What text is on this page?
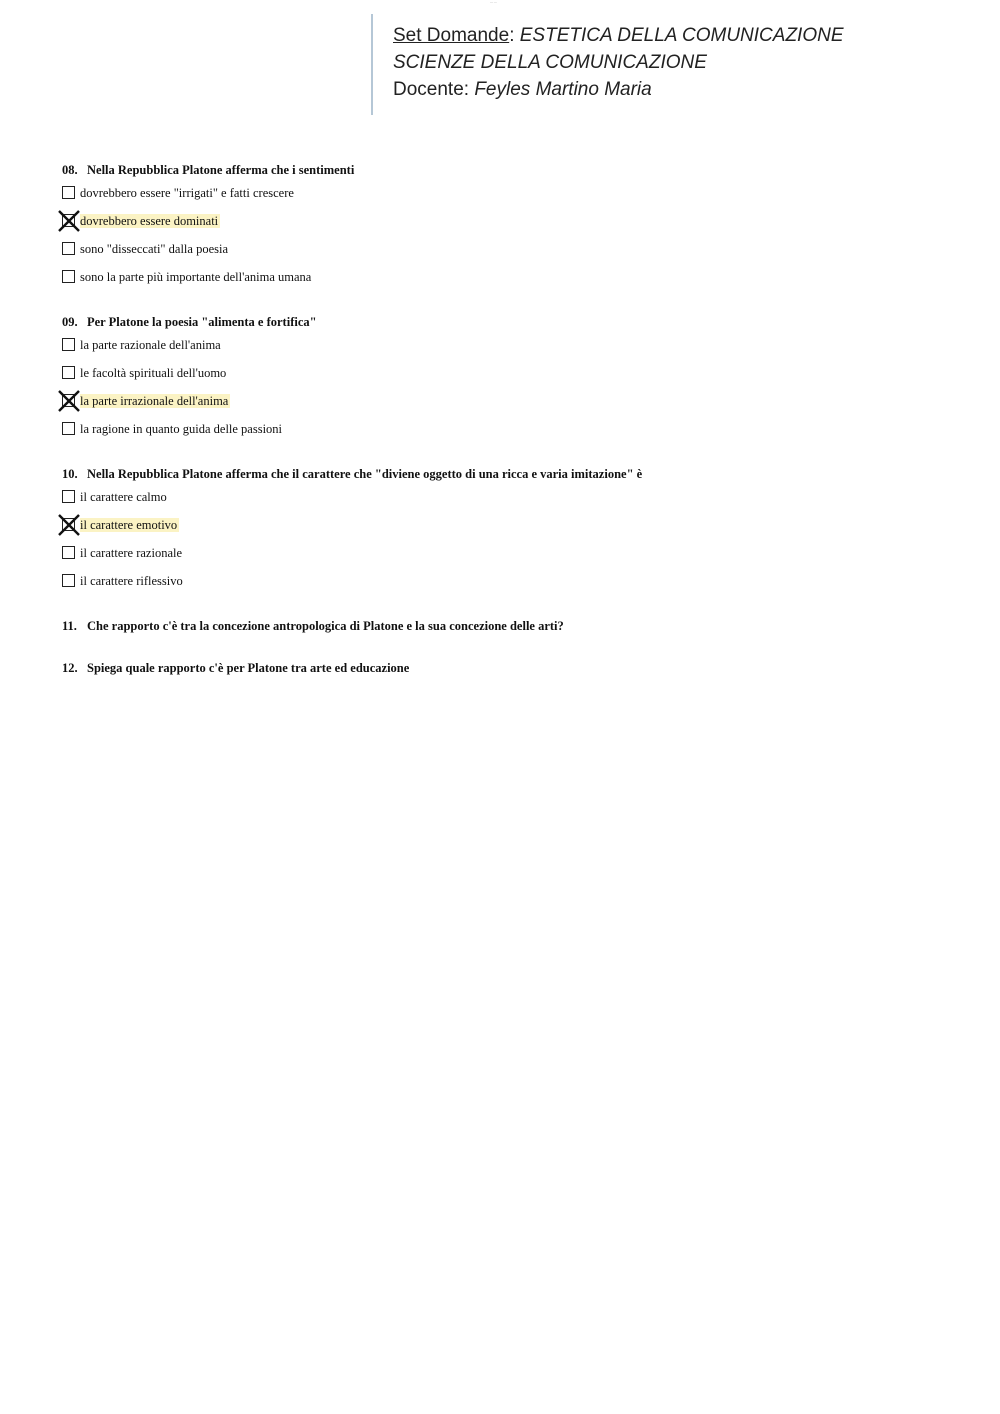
— —
Set Domande: ESTETICA DELLA COMUNICAZIONE
SCIENZE DELLA COMUNICAZIONE
Docente: Feyles Martino Maria
08. Nella Repubblica Platone afferma che i sentimenti
dovrebbero essere "irrigati" e fatti crescere
dovrebbero essere dominati
sono "disseccati" dalla poesia
sono la parte più importante dell'anima umana
09. Per Platone la poesia "alimenta e fortifica"
la parte razionale dell'anima
le facoltà spirituali dell'uomo
la parte irrazionale dell'anima
la ragione in quanto guida delle passioni
10. Nella Repubblica Platone afferma che il carattere che "diviene oggetto di una ricca e varia imitazione" è
il carattere calmo
il carattere emotivo
il carattere razionale
il carattere riflessivo
11. Che rapporto c'è tra la concezione antropologica di Platone e la sua concezione delle arti?
12. Spiega quale rapporto c'è per Platone tra arte ed educazione
